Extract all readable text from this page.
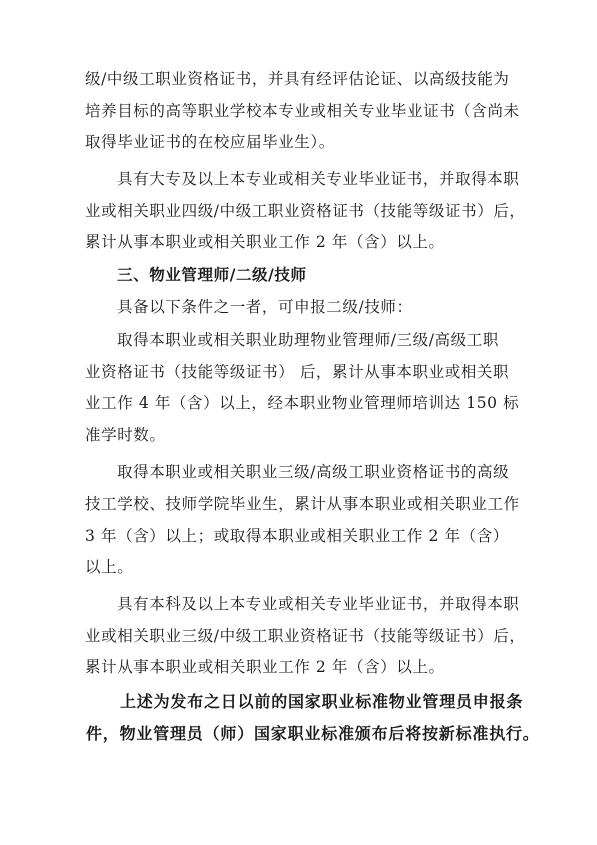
级/中级工职业资格证书，并具有经评估论证、以高级技能为
培养目标的高等职业学校本专业或相关专业毕业证书（含尚未
取得毕业证书的在校应届毕业生）。
具有大专及以上本专业或相关专业毕业证书，并取得本职
业或相关职业四级/中级工职业资格证书（技能等级证书）后，
累计从事本职业或相关职业工作 2 年（含）以上。
三、物业管理师/二级/技师
具备以下条件之一者，可申报二级/技师：
取得本职业或相关职业助理物业管理师/三级/高级工职
业资格证书（技能等级证书） 后，累计从事本职业或相关职
业工作 4 年（含）以上，经本职业物业管理师培训达 150 标
准学时数。
取得本职业或相关职业三级/高级工职业资格证书的高级
技工学校、技师学院毕业生，累计从事本职业或相关职业工作
3 年（含）以上；或取得本职业或相关职业工作 2 年（含）
以上。
具有本科及以上本专业或相关专业毕业证书，并取得本职
业或相关职业三级/中级工职业资格证书（技能等级证书）后，
累计从事本职业或相关职业工作 2 年（含）以上。
上述为发布之日以前的国家职业标准物业管理员申报条
件，物业管理员（师）国家职业标准颁布后将按新标准执行。
